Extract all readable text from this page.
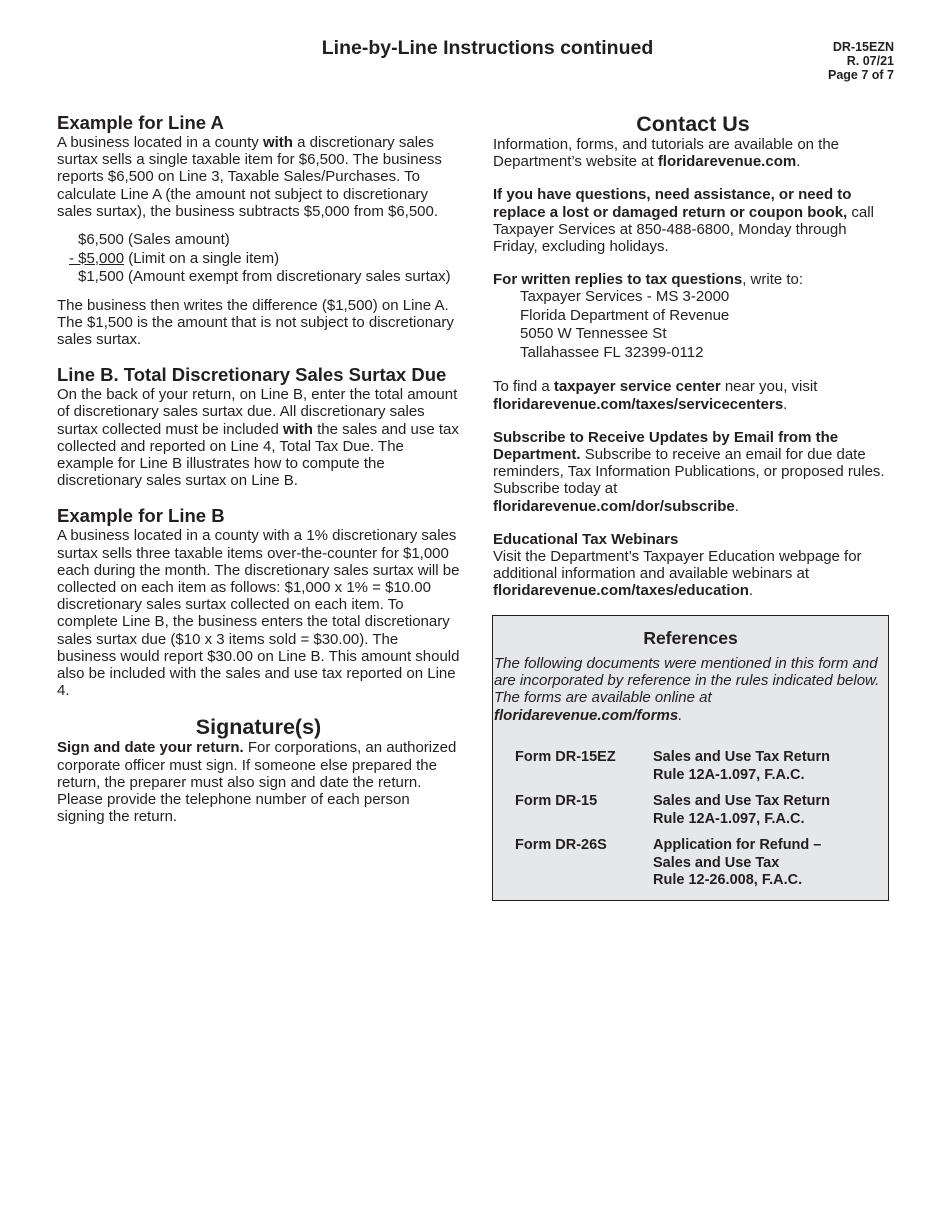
Line-by-Line Instructions continued	DR-15EZN
R. 07/21
Page 7 of 7
Example for Line A

A business located in a county with a discretionary sales surtax sells a single taxable item for $6,500. The business reports $6,500 on Line 3, Taxable Sales/Purchases. To calculate Line A (the amount not subject to discretionary sales surtax), the business subtracts $5,000 from $6,500.

$6,500 (Sales amount)
- $5,000 (Limit on a single item)
$1,500 (Amount exempt from discretionary sales surtax)

The business then writes the difference ($1,500) on Line A. The $1,500 is the amount that is not subject to discretionary sales surtax.

Line B. Total Discretionary Sales Surtax Due

On the back of your return, on Line B, enter the total amount of discretionary sales surtax due. All discretionary sales surtax collected must be included with the sales and use tax collected and reported on Line 4, Total Tax Due. The example for Line B illustrates how to compute the discretionary sales surtax on Line B.

Example for Line B

A business located in a county with a 1% discretionary sales surtax sells three taxable items over-the-counter for $1,000 each during the month. The discretionary sales surtax will be collected on each item as follows: $1,000 x 1% = $10.00 discretionary sales surtax collected on each item. To complete Line B, the business enters the total discretionary sales surtax due ($10 x 3 items sold = $30.00). The business would report $30.00 on Line B. This amount should also be included with the sales and use tax reported on Line 4.

Signature(s)

Sign and date your return. For corporations, an authorized corporate officer must sign. If someone else prepared the return, the preparer must also sign and date the return. Please provide the telephone number of each person signing the return.

Contact Us

Information, forms, and tutorials are available on the Department’s website at floridarevenue.com.

If you have questions, need assistance, or need to replace a lost or damaged return or coupon book, call Taxpayer Services at 850-488-6800, Monday through Friday, excluding holidays.

For written replies to tax questions, write to:

Taxpayer Services - MS 3-2000
Florida Department of Revenue
5050 W Tennessee St
Tallahassee FL 32399-0112

To find a taxpayer service center near you, visit
floridarevenue.com/taxes/servicecenters.

Subscribe to Receive Updates by Email from the Department. Subscribe to receive an email for due date reminders, Tax Information Publications, or proposed rules. Subscribe today at
floridarevenue.com/dor/subscribe.

Educational Tax Webinars

Visit the Department’s Taxpayer Education webpage for additional information and available webinars at
floridarevenue.com/taxes/education.

References

The following documents were mentioned in this form and are incorporated by reference in the rules indicated below. The forms are available online at floridarevenue.com/forms.

Form DR-15EZ	Sales and Use Tax Return
Rule 12A-1.097, F.A.C.
Form DR-15	Sales and Use Tax Return
Rule 12A-1.097, F.A.C.
Form DR-26S	Application for Refund –
Sales and Use Tax
Rule 12-26.008, F.A.C.
